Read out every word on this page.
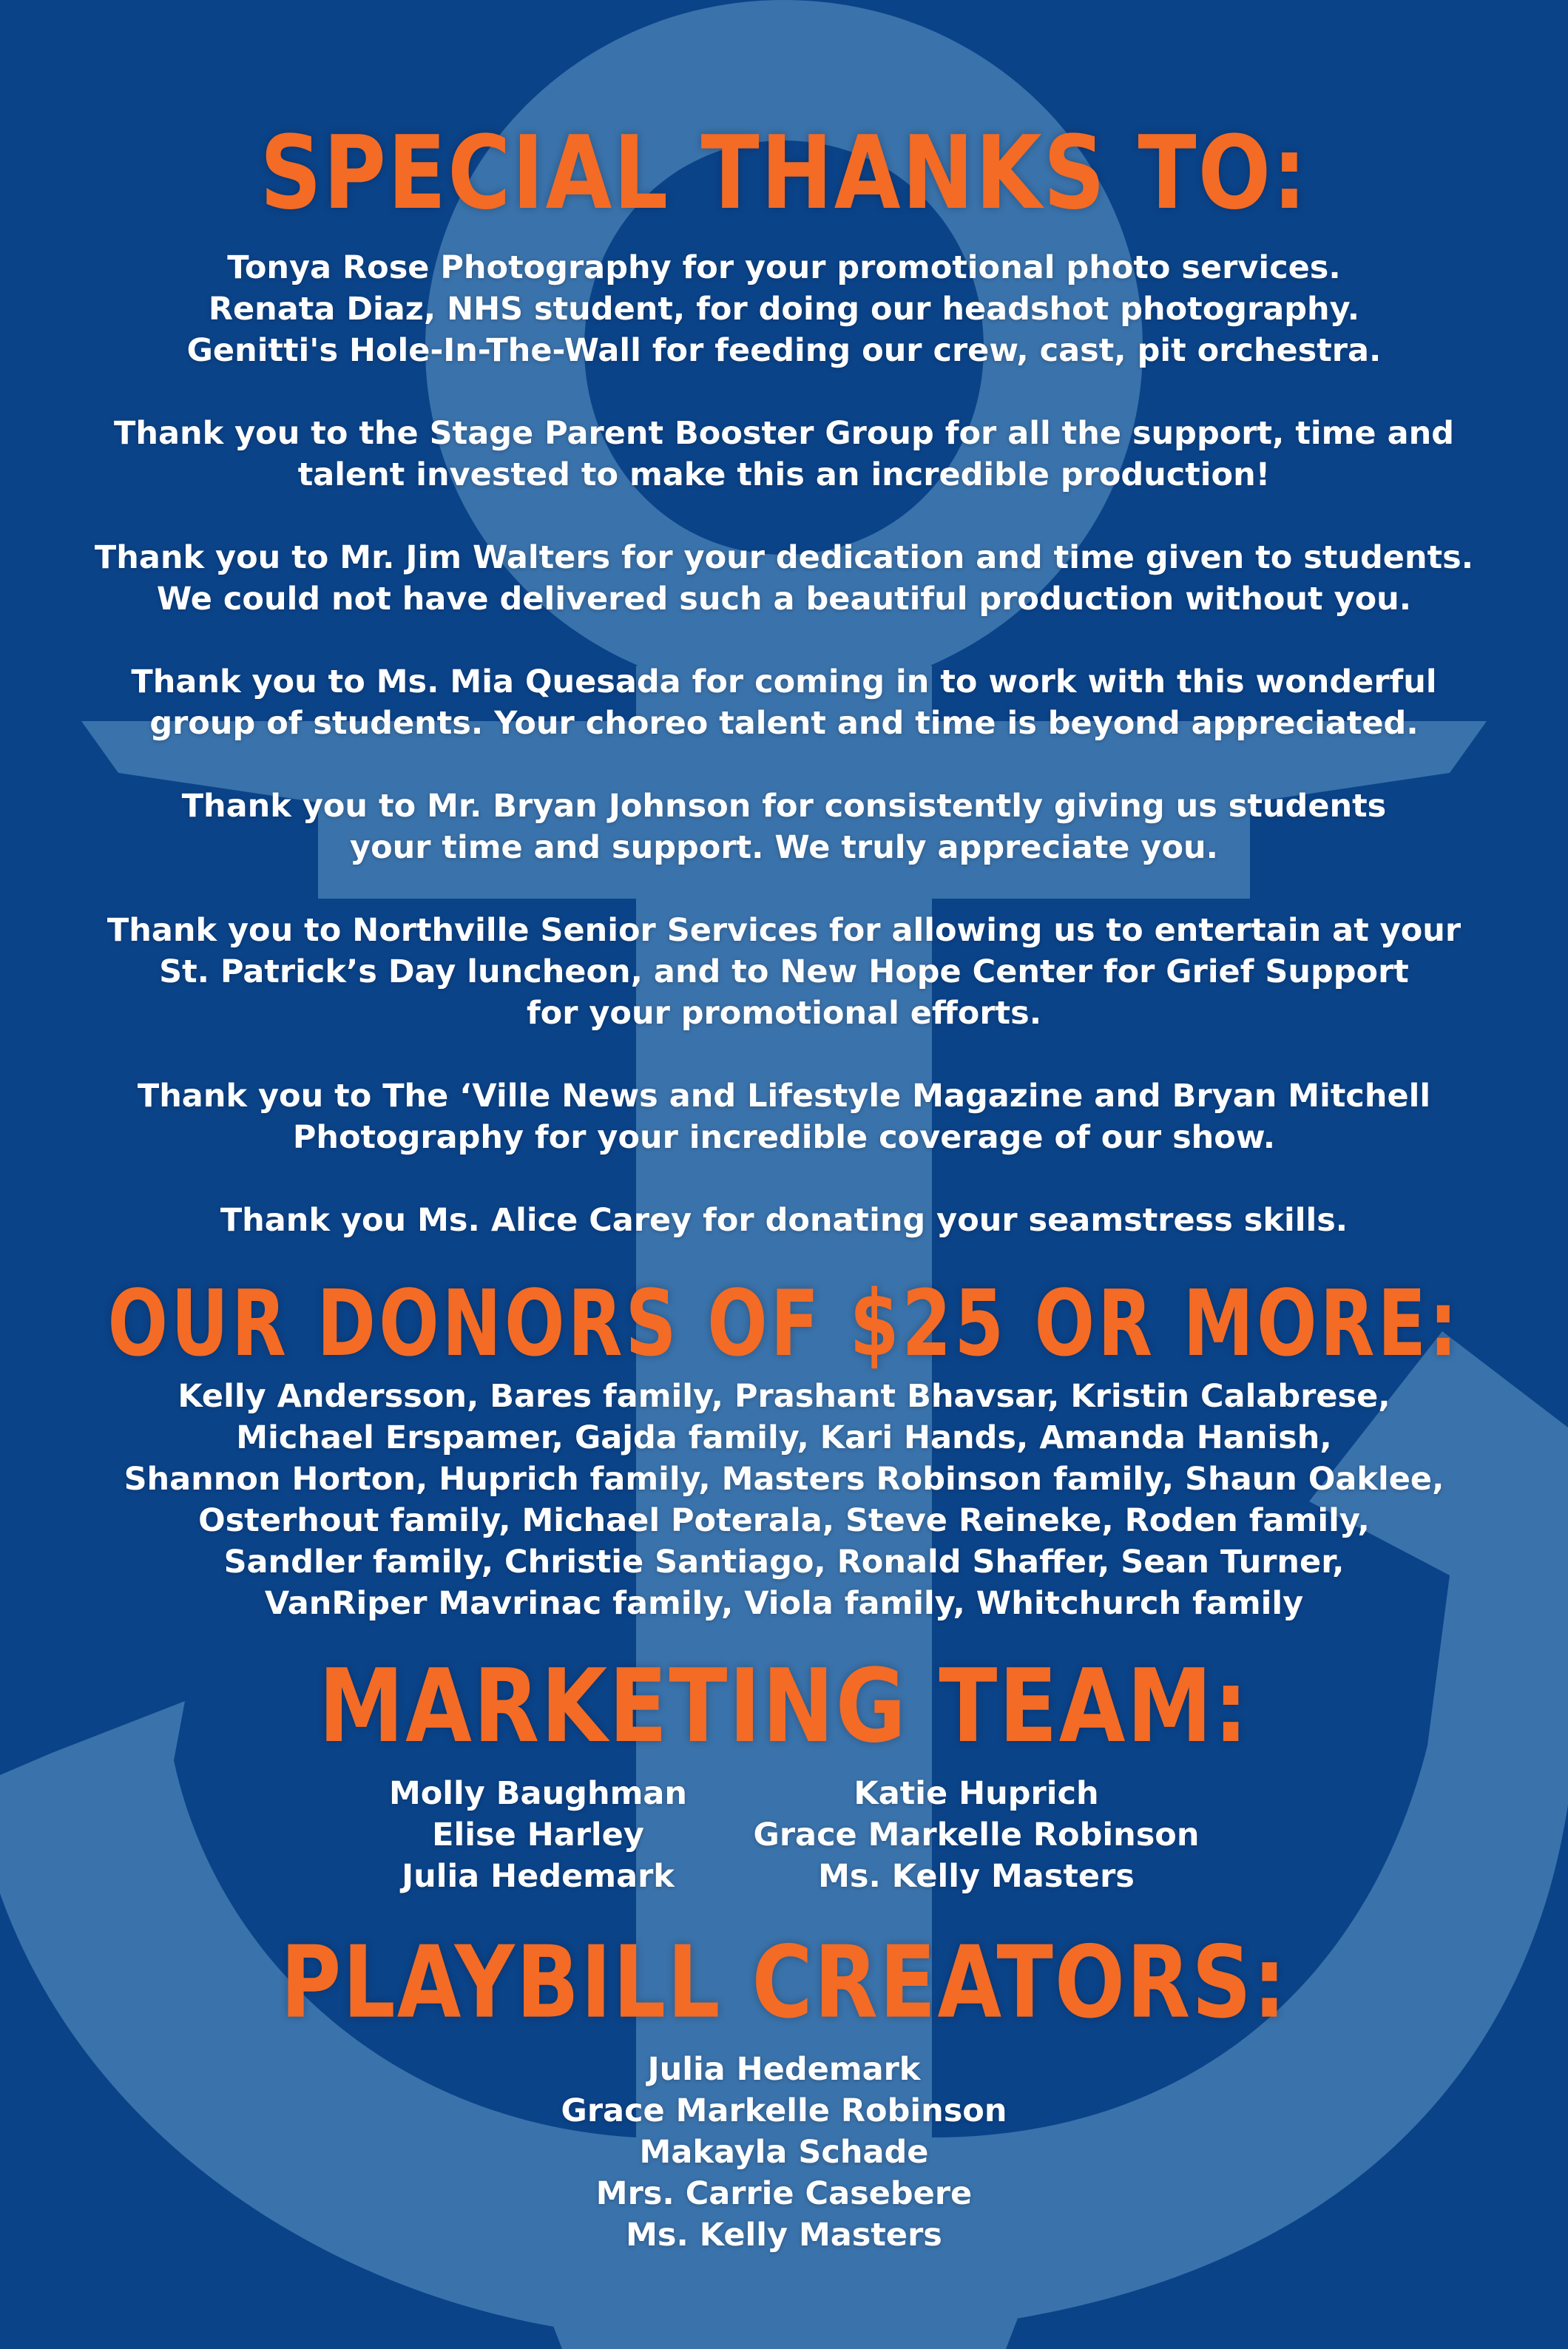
SPECIAL THANKS TO:
Tonya Rose Photography for your promotional photo services.
Renata Diaz, NHS student, for doing our headshot photography.
Genitti's Hole-In-The-Wall for feeding our crew, cast, pit orchestra.
Thank you to the Stage Parent Booster Group for all the support, time and
talent invested to make this an incredible production!
Thank you to Mr. Jim Walters for your dedication and time given to students.
We could not have delivered such a beautiful production without you.
Thank you to Ms. Mia Quesada for coming in to work with this wonderful
group of students. Your choreo talent and time is beyond appreciated.
Thank you to Mr. Bryan Johnson for consistently giving us students
your time and support. We truly appreciate you.
Thank you to Northville Senior Services for allowing us to entertain at your
St. Patrick’s Day luncheon, and to New Hope Center for Grief Support
for your promotional efforts.
Thank you to The ‘Ville News and Lifestyle Magazine and Bryan Mitchell
Photography for your incredible coverage of our show.
Thank you Ms. Alice Carey for donating your seamstress skills.
OUR DONORS OF $25 OR MORE:
Kelly Andersson, Bares family, Prashant Bhavsar, Kristin Calabrese,
Michael Erspamer, Gajda family, Kari Hands, Amanda Hanish,
Shannon Horton, Huprich family, Masters Robinson family, Shaun Oaklee,
Osterhout family, Michael Poterala, Steve Reineke, Roden family,
Sandler family, Christie Santiago, Ronald Shaffer, Sean Turner,
VanRiper Mavrinac family, Viola family, Whitchurch family
MARKETING TEAM:
Molly Baughman
Elise Harley
Julia Hedemark
Katie Huprich
Grace Markelle Robinson
Ms. Kelly Masters
PLAYBILL CREATORS:
Julia Hedemark
Grace Markelle Robinson
Makayla Schade
Mrs. Carrie Casebere
Ms. Kelly Masters
